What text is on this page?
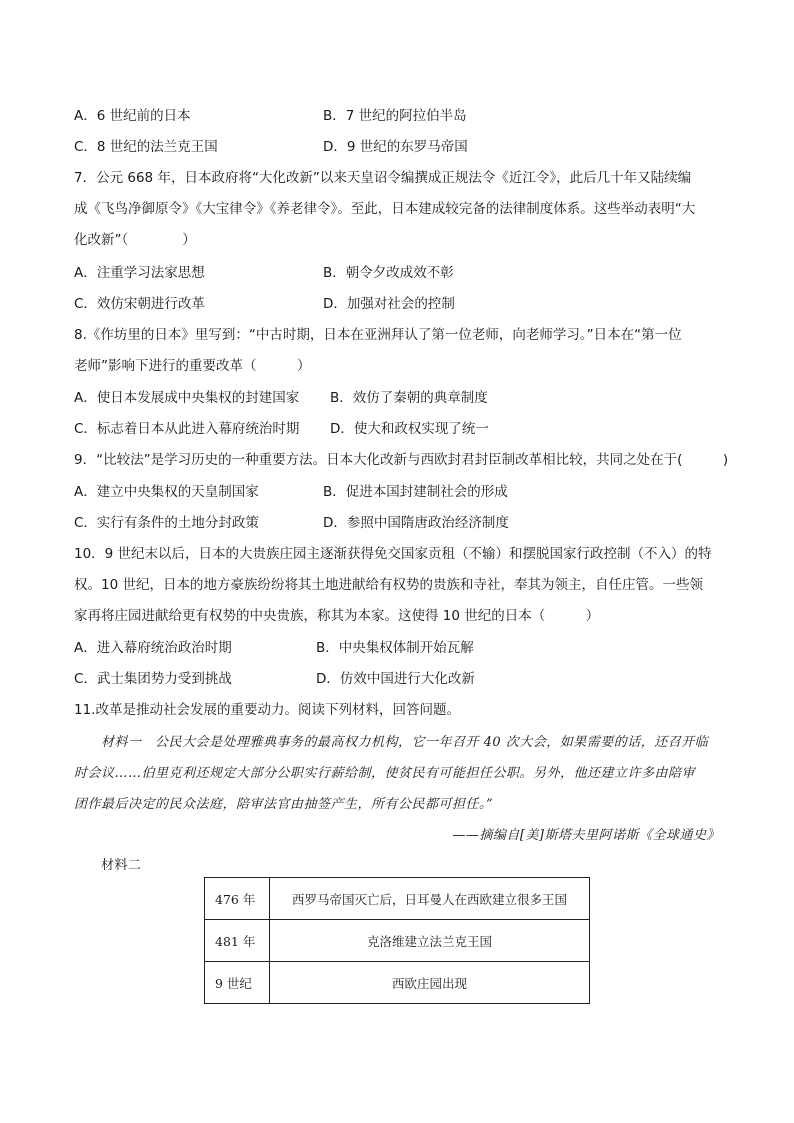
A．6 世纪前的日本	B．7 世纪的阿拉伯半岛
C．8 世纪的法兰克王国	D．9 世纪的东罗马帝国
7．公元 668 年，日本政府将“大化改新”以来天皇诏令编撰成正规法令《近江令》，此后几十年又陆续编
成《飞鸟净御原令》《大宝律令》《养老律令》。至此，日本建成较完备的法律制度体系。这些举动表明“大
化改新”（　　　　）
A．注重学习法家思想	B．朝令夕改成效不彰
C．效仿宋朝进行改革	D．加强对社会的控制
8.《作坊里的日本》里写到：“中古时期，日本在亚洲拜认了第一位老师，向老师学习。”日本在“第一位
老师”影响下进行的重要改革（　　　）
A．使日本发展成中央集权的封建国家 B．效仿了秦朝的典章制度
C．标志着日本从此进入幕府统治时期 D．使大和政权实现了统一
9．“比较法”是学习历史的一种重要方法。日本大化改新与西欧封君封臣制改革相比较，共同之处在于(　　　)
A．建立中央集权的天皇制国家	B．促进本国封建制社会的形成
C．实行有条件的土地分封政策	D．参照中国隋唐政治经济制度
10．9 世纪末以后，日本的大贵族庄园主逐渐获得免交国家贡租（不输）和摆脱国家行政控制（不入）的特
权。10 世纪，日本的地方豪族纷纷将其土地进献给有权势的贵族和寺社，奉其为领主，自任庄管。一些领
家再将庄园进献给更有权势的中央贵族，称其为本家。这使得 10 世纪的日本（　　　）
A．进入幕府统治政治时期	B．中央集权体制开始瓦解
C．武士集团势力受到挑战	D．仿效中国进行大化改新
11.改革是推动社会发展的重要动力。阅读下列材料，回答问题。
材料一　公民大会是处理雅典事务的最高权力机构，它一年召开 40 次大会，如果需要的话，还召开临
时会议……伯里克利还规定大部分公职实行薪给制，使贫民有可能担任公职。另外，他还建立许多由陪审
团作最后决定的民众法庭，陪审法官由抽签产生，所有公民都可担任。”
——摘编自[美]斯塔夫里阿诺斯《全球通史》
材料二
476 年	西罗马帝国灭亡后，日耳曼人在西欧建立很多王国
481 年	克洛维建立法兰克王国
9 世纪	西欧庄园出现
